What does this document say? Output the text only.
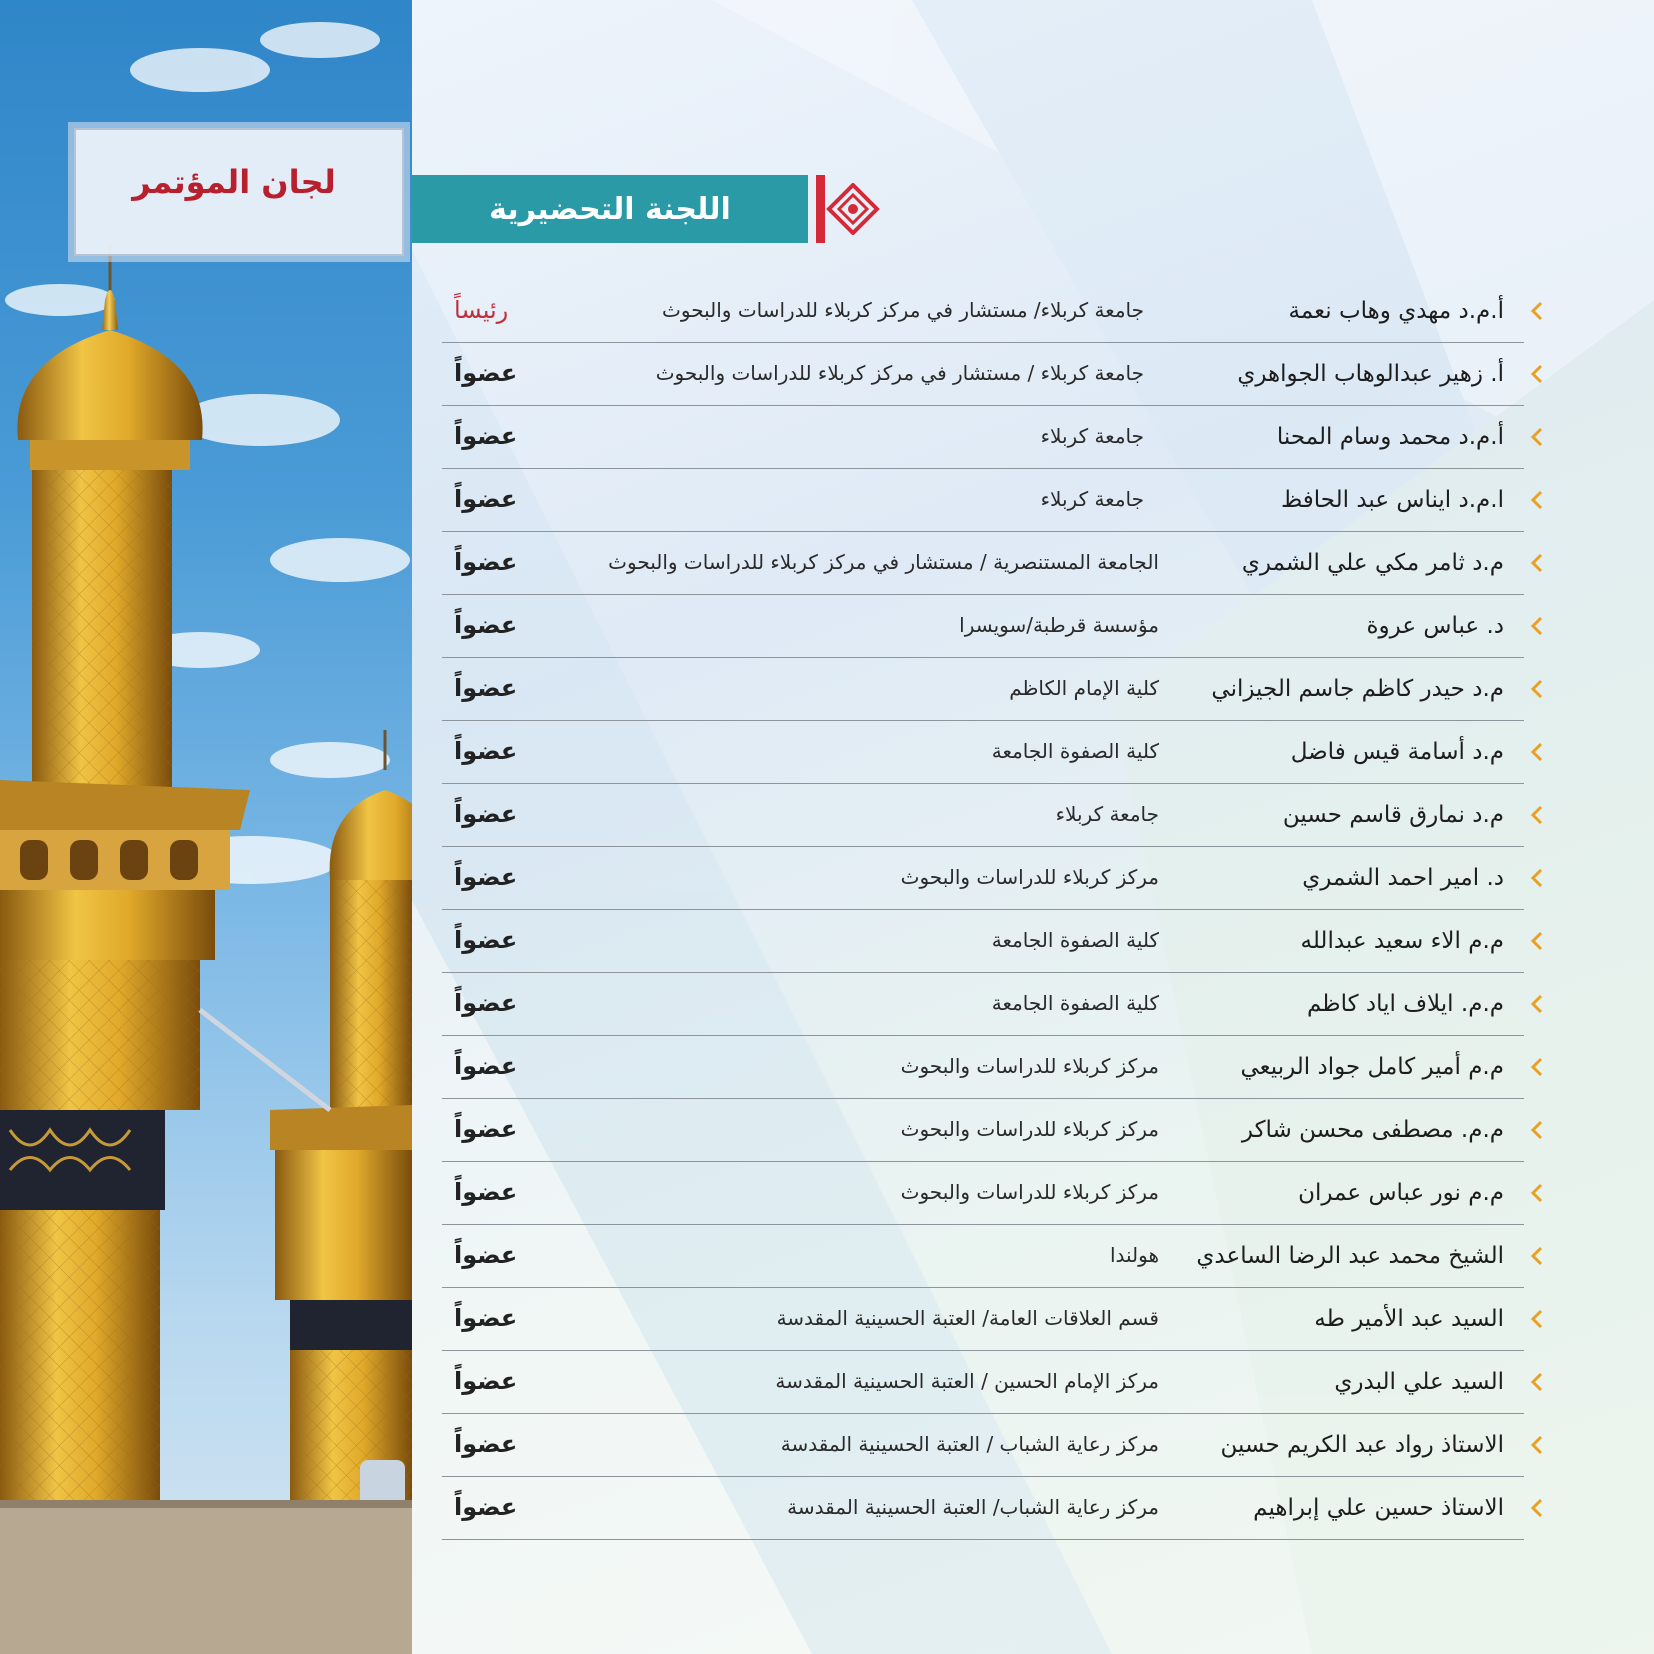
لجان المؤتمر
اللجنة التحضيرية
أ.م.د مهدي وهاب نعمة
جامعة كربلاء/ مستشار في مركز كربلاء للدراسات والبحوث
رئيساً
أ. زهير عبدالوهاب الجواهري
جامعة كربلاء / مستشار في مركز كربلاء للدراسات والبحوث
عضواً
أ.م.د محمد وسام المحنا
جامعة كربلاء
عضواً
ا.م.د ايناس عبد الحافظ
جامعة كربلاء
عضواً
م.د ثامر مكي علي الشمري
الجامعة المستنصرية / مستشار في مركز كربلاء للدراسات والبحوث
عضواً
د. عباس عروة
مؤسسة قرطبة/سويسرا
عضواً
م.د حيدر كاظم جاسم الجيزاني
كلية الإمام الكاظم
عضواً
م.د أسامة قيس فاضل
كلية الصفوة الجامعة
عضواً
م.د نمارق قاسم حسين
جامعة كربلاء
عضواً
د. امير احمد الشمري
مركز كربلاء للدراسات والبحوث
عضواً
م.م الاء سعيد عبدالله
كلية الصفوة الجامعة
عضواً
م.م. ايلاف اياد كاظم
كلية الصفوة الجامعة
عضواً
م.م أمير كامل جواد الربيعي
مركز كربلاء للدراسات والبحوث
عضواً
م.م. مصطفى محسن شاكر
مركز كربلاء للدراسات والبحوث
عضواً
م.م نور عباس عمران
مركز كربلاء للدراسات والبحوث
عضواً
الشيخ محمد عبد الرضا الساعدي
هولندا
عضواً
السيد عبد الأمير طه
قسم العلاقات العامة/ العتبة الحسينية المقدسة
عضواً
السيد علي البدري
مركز الإمام الحسين / العتبة الحسينية المقدسة
عضواً
الاستاذ رواد عبد الكريم حسين
مركز رعاية الشباب / العتبة الحسينية المقدسة
عضواً
الاستاذ حسين علي إبراهيم
مركز رعاية الشباب/ العتبة الحسينية المقدسة
عضواً
